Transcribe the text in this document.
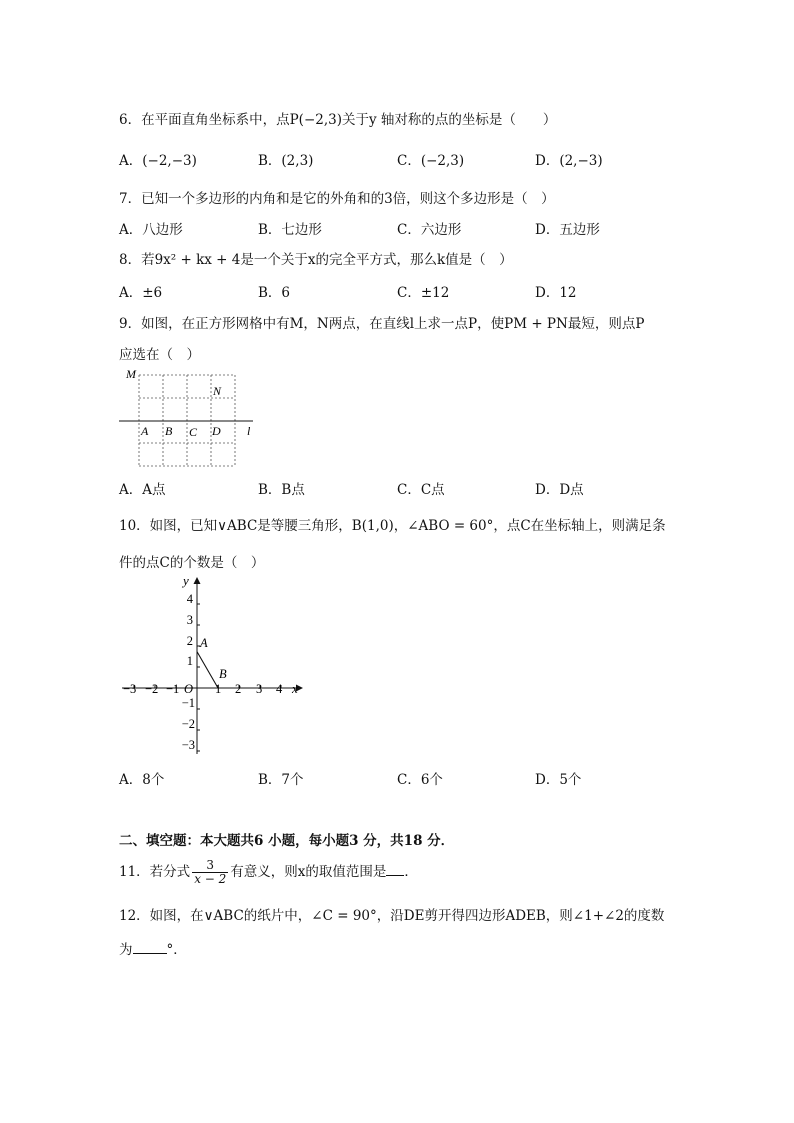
6．在平面直角坐标系中，点P(−2,3)关于y 轴对称的点的坐标是（　　）
A．(−2,−3)	B．(2,3)	C．(−2,3)	D．(2,−3)
7．已知一个多边形的内角和是它的外角和的3倍，则这个多边形是（　）
A．八边形	B．七边形	C．六边形	D．五边形
8．若9x² + kx + 4是一个关于x的完全平方式，那么k值是（　）
A．±6	B．6	C．±12	D．12
9．如图，在正方形网格中有M，N两点，在直线l上求一点P，使PM + PN最短，则点P
应选在（　）
M
N
A B C D l
A．A点	B．B点	C．C点	D．D点
10．如图，已知∨ABC是等腰三角形，B(1,0)，∠ABO = 60°，点C在坐标轴上，则满足条
件的点C的个数是（　）
A
B
x
y
O
−3 −2 −1	1 2 3 4
4
3
2
1
−1
−2
−3
A．8个	B．7个	C．6个	D．5个
二、填空题：本大题共6 小题，每小题3 分，共18 分．
11．若分式 $\frac{3}{x - 2}$ 有意义，则x的取值范围是 ．
12．如图，在∨ABC的纸片中，∠C = 90°，沿DE剪开得四边形ADEB，则∠1+∠2的度数
为	°．
